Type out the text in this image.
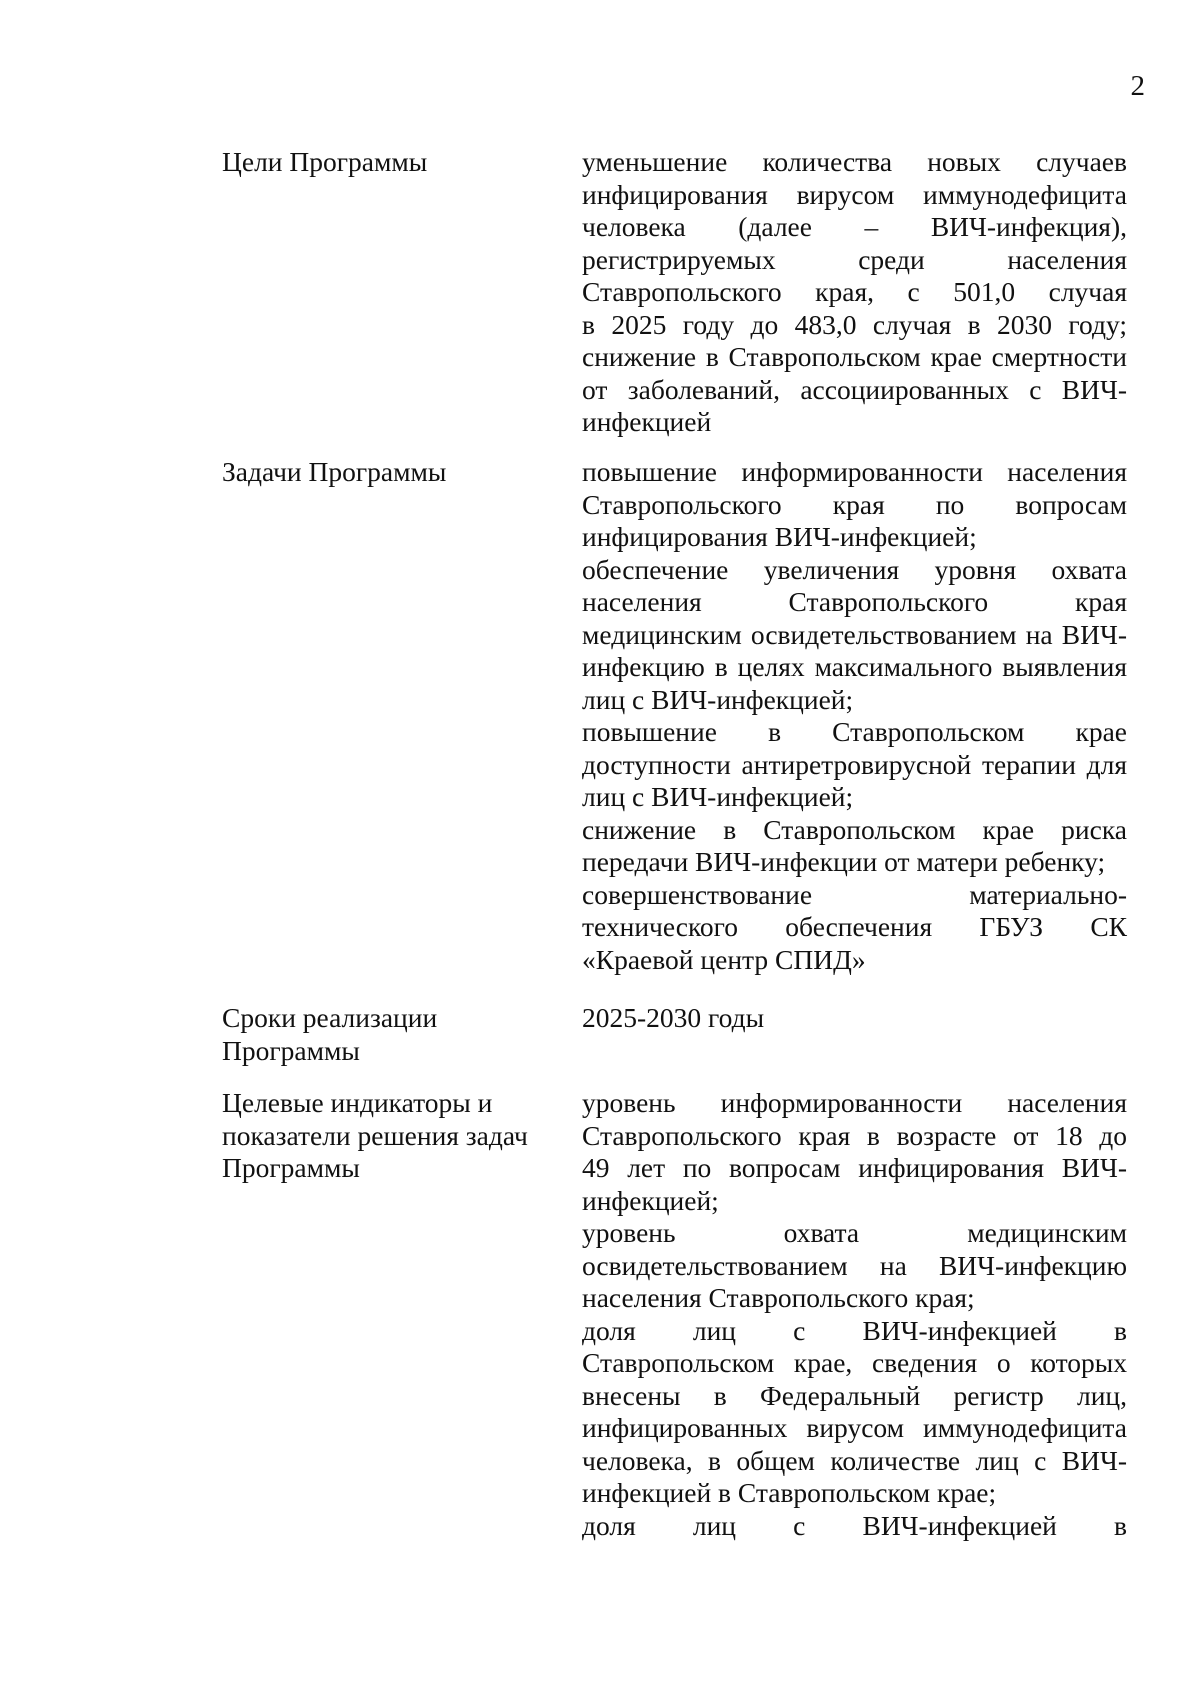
2
Цели Программы	уменьшение количества новых случаев
инфицирования вирусом иммунодефицита
человека (далее – ВИЧ-инфекция),
регистрируемых среди населения
Ставропольского края, с 501,0 случая
в 2025 году до 483,0 случая в 2030 году;
снижение в Ставропольском крае смертности
от заболеваний, ассоциированных с ВИЧ-
инфекцией
Задачи Программы	повышение информированности населения
Ставропольского края по вопросам
инфицирования ВИЧ-инфекцией;
обеспечение увеличения уровня охвата
населения Ставропольского края
медицинским освидетельствованием на ВИЧ-
инфекцию в целях максимального выявления
лиц с ВИЧ-инфекцией;
повышение в Ставропольском крае
доступности антиретровирусной терапии для
лиц с ВИЧ-инфекцией;
снижение в Ставропольском крае риска
передачи ВИЧ-инфекции от матери ребенку;
совершенствование материально-
технического обеспечения ГБУЗ СК
«Краевой центр СПИД»
Сроки реализации
Программы
2025-2030 годы
Целевые индикаторы и
показатели решения задач
Программы
уровень информированности населения
Ставропольского края в возрасте от 18 до
49 лет по вопросам инфицирования ВИЧ-
инфекцией;
уровень охвата медицинским
освидетельствованием на ВИЧ-инфекцию
населения Ставропольского края;
доля лиц с ВИЧ-инфекцией в
Ставропольском крае, сведения о которых
внесены в Федеральный регистр лиц,
инфицированных вирусом иммунодефицита
человека, в общем количестве лиц с ВИЧ-
инфекцией в Ставропольском крае;
доля лиц с ВИЧ-инфекцией в
